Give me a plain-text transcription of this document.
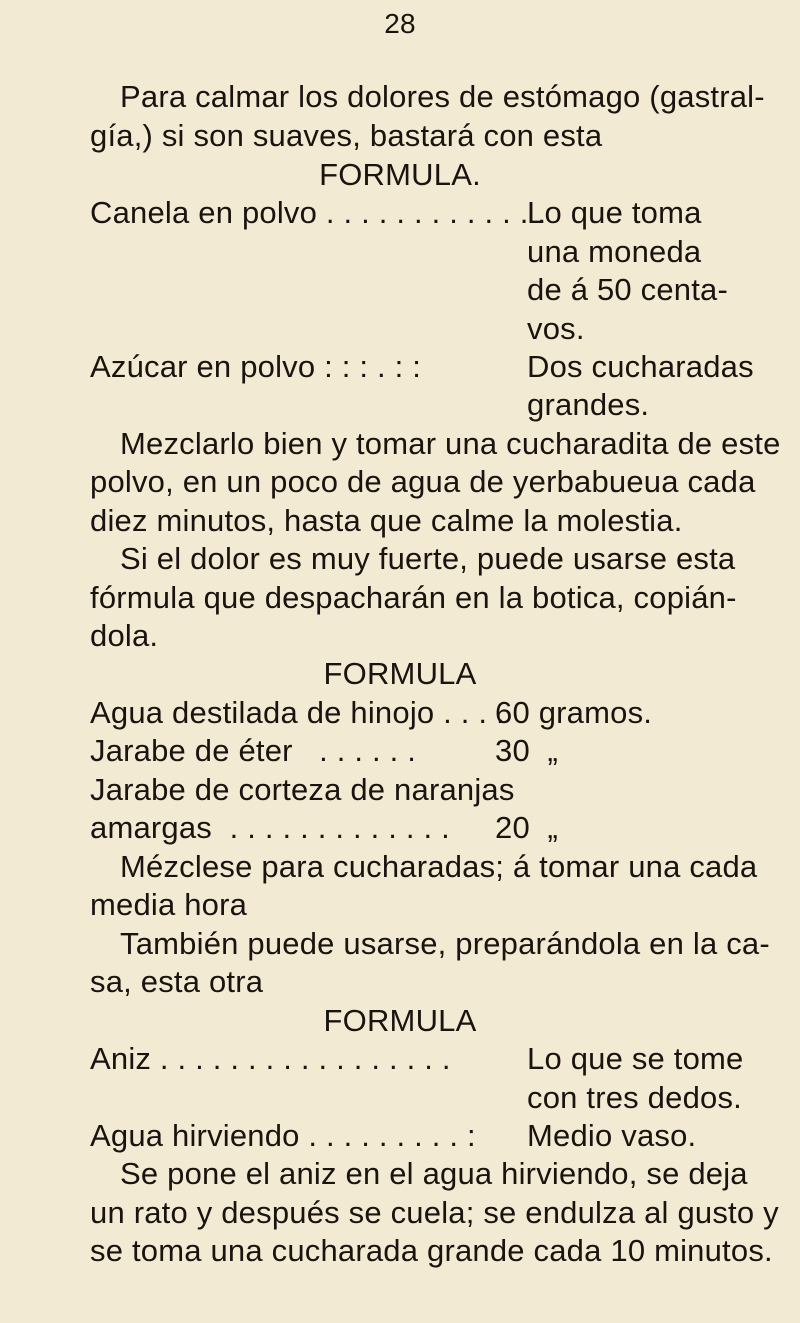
28
Para calmar los dolores de estómago (gastral-
gía,) si son suaves, bastará con esta
FORMULA.
Canela en polvo . . . . . . . . . . . . .
Lo que toma
una moneda
de á 50 centa-
vos.
Azúcar en polvo : : : . : :	Dos cucharadas
grandes.
Mezclarlo bien y tomar una cucharadita de este
polvo, en un poco de agua de yerbabueua cada
diez minutos, hasta que calme la molestia.
Si el dolor es muy fuerte, puede usarse esta
fórmula que despacharán en la botica, copián-
dola.
FORMULA
Agua destilada de hinojo . . . .
60 gramos.
Jarabe de éter   . . . . . .	30  „
Jarabe de corteza de naranjas
amargas  . . . . . . . . . . . . . 20  „
Mézclese para cucharadas; á tomar una cada
media hora
También puede usarse, preparándola en la ca-
sa, esta otra
FORMULA
Aniz . . . . . . . . . . . . . . . . . Lo que se tome
con tres dedos.
Agua hirviendo . . . . . . . . . : Medio vaso.
Se pone el aniz en el agua hirviendo, se deja
un rato y después se cuela; se endulza al gusto y
se toma una cucharada grande cada 10 minutos.
